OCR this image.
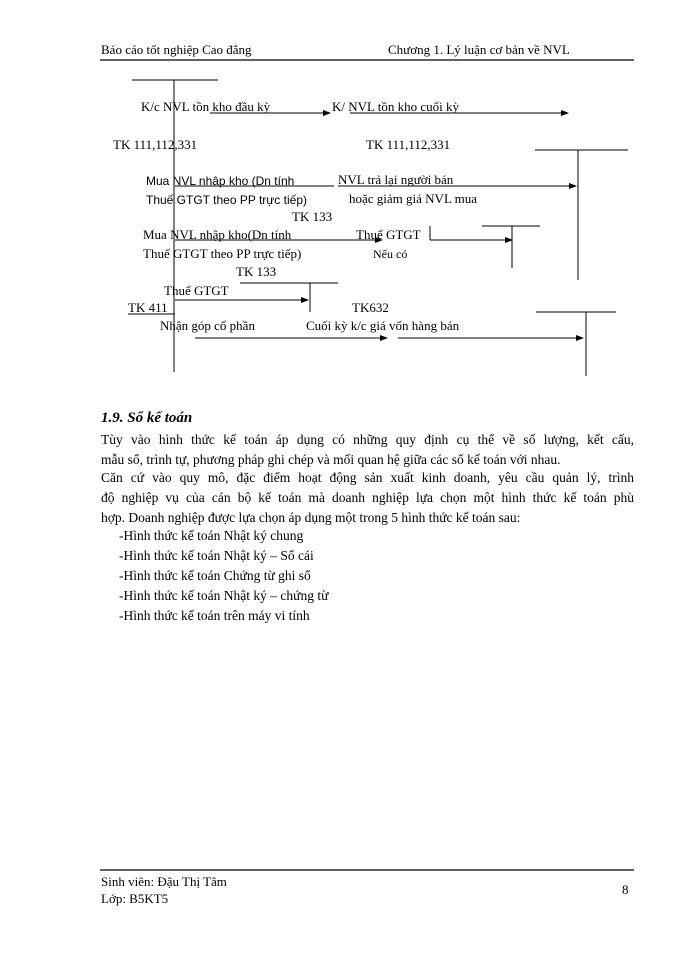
Báo cáo tốt nghiệp Cao đẳng	Chương 1. Lý luận cơ bản về NVL
K/c NVL tồn kho đầu kỳ	K/ NVL tồn kho cuối kỳ
TK 111,112,331	TK 111,112,331
Mua NVL nhập kho (Dn tính
Thuế GTGT theo PP trực tiếp)
NVL trả lại người bán
hoặc giảm giá NVL mua
TK 133
Mua NVL nhập kho(Dn tính
Thuế GTGT theo PP trực tiếp)
Thuế GTGT
Nếu có
TK 133
Thuế GTGT
TK 411	TK632
Nhận góp cổ phần	Cuối kỳ k/c giá vốn hàng bán
1.9. Sổ kế toán
Tùy vào hình thức kế toán áp dụng có những quy định cụ thể về số lượng, kết cấu,
mẫu sổ, trình tự, phương pháp ghi chép và mối quan hệ giữa các sổ kế toán với nhau.
Căn cứ vào quy mô, đặc điểm hoạt động sản xuất kinh doanh, yêu cầu quản lý, trình
độ nghiệp vụ của cán bộ kế toán mà doanh nghiệp lựa chọn một hình thức kế toán phù
hợp. Doanh nghiệp được lựa chọn áp dụng một trong 5 hình thức kế toán sau:
-Hình thức kế toán Nhật ký chung
-Hình thức kế toán Nhật ký – Sổ cái
-Hình thức kế toán Chứng từ ghi sổ
-Hình thức kế toán Nhật ký – chứng từ
-Hình thức kế toán trên máy vi tính
Sinh viên: Đậu Thị Tâm
Lớp: B5KT5
8
